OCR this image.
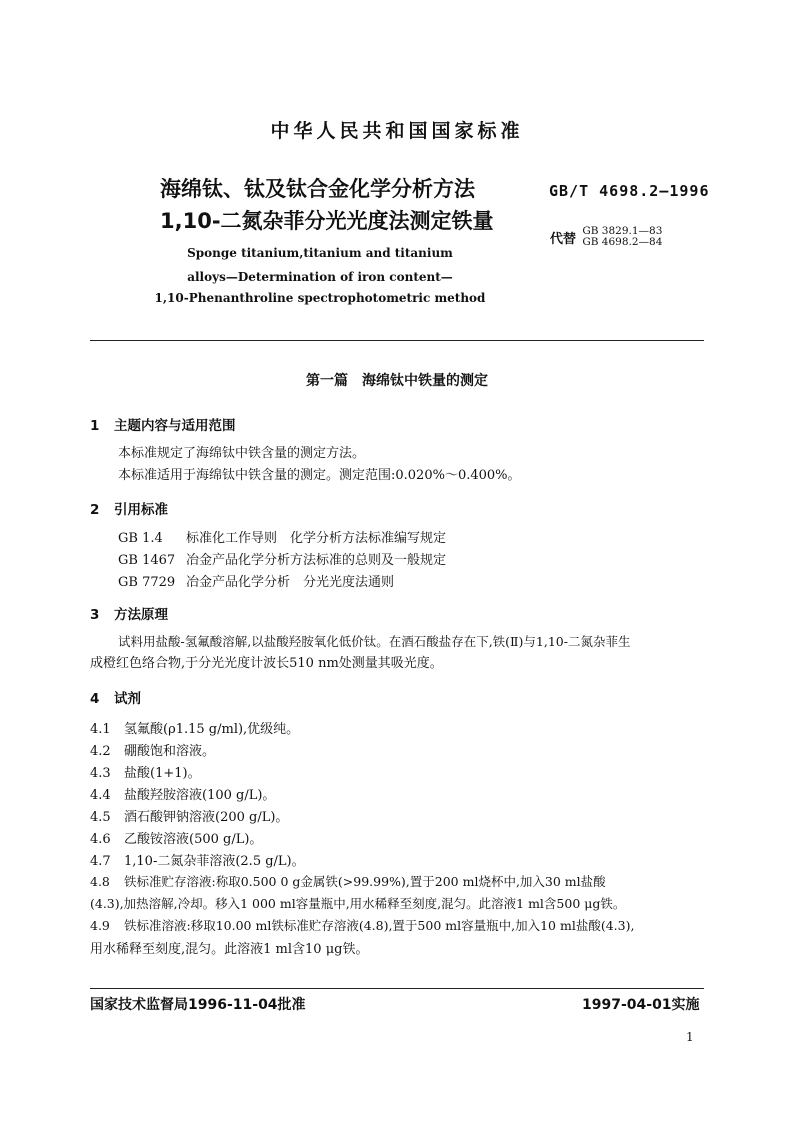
中华人民共和国国家标准
海绵钛、钛及钛合金化学分析方法
1,10-二氮杂菲分光光度法测定铁量
GB/T 4698.2—1996
代替
GB 3829.1—83
GB 4698.2—84
Sponge titanium,titanium and titanium
alloys—Determination of iron content—
1,10-Phenanthroline spectrophotometric method
第一篇　海绵钛中铁量的测定
1 主题内容与适用范围
本标准规定了海绵钛中铁含量的测定方法。
本标准适用于海绵钛中铁含量的测定。测定范围:0.020%～0.400%。
2 引用标准
GB 1.4 标准化工作导则　化学分析方法标准编写规定
GB 1467 冶金产品化学分析方法标准的总则及一般规定
GB 7729 冶金产品化学分析　分光光度法通则
3 方法原理
试料用盐酸-氢氟酸溶解,以盐酸羟胺氧化低价钛。在酒石酸盐存在下,铁(Ⅱ)与1,10-二氮杂菲生
成橙红色络合物,于分光光度计波长510 nm处测量其吸光度。
4 试剂
4.1 氢氟酸(ρ1.15 g/ml),优级纯。
4.2 硼酸饱和溶液。
4.3 盐酸(1+1)。
4.4 盐酸羟胺溶液(100 g/L)。
4.5 酒石酸钾钠溶液(200 g/L)。
4.6 乙酸铵溶液(500 g/L)。
4.7 1,10-二氮杂菲溶液(2.5 g/L)。
4.8 铁标准贮存溶液:称取0.500 0 g金属铁(>99.99%),置于200 ml烧杯中,加入30 ml盐酸
(4.3),加热溶解,冷却。移入1 000 ml容量瓶中,用水稀释至刻度,混匀。此溶液1 ml含500 μg铁。
4.9 铁标准溶液:移取10.00 ml铁标准贮存溶液(4.8),置于500 ml容量瓶中,加入10 ml盐酸(4.3),
用水稀释至刻度,混匀。此溶液1 ml含10 μg铁。
国家技术监督局1996-11-04批准	1997-04-01实施
1
